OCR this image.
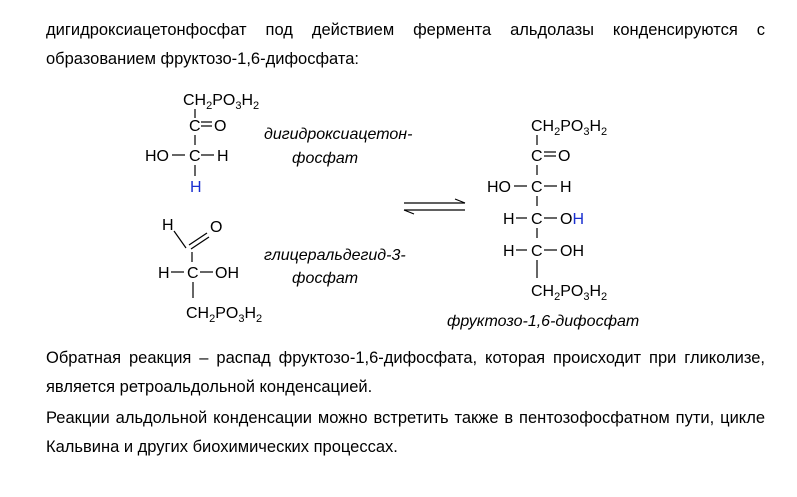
дигидроксиацетонфосфат под действием фермента альдолазы конденсируются с образованием фруктозо-1,6-дифосфата:

$CH_2PO_3H_2$
C O
HO C H
H
дигидроксиацетон-
фосфат
H O
H C OH
$CH_2PO_3H_2$
глицеральдегид-3-
фосфат
$CH_2PO_3H_2$
C O
HO C H
H C OH
H C OH
$CH_2PO_3H_2$
фруктозо-1,6-дифосфат

Обратная реакция – распад фруктозо-1,6-дифосфата, которая происходит при гликолизе, является ретроальдольной конденсацией.

Реакции альдольной конденсации можно встретить также в пентозофосфатном пути, цикле Кальвина и других биохимических процессах.
